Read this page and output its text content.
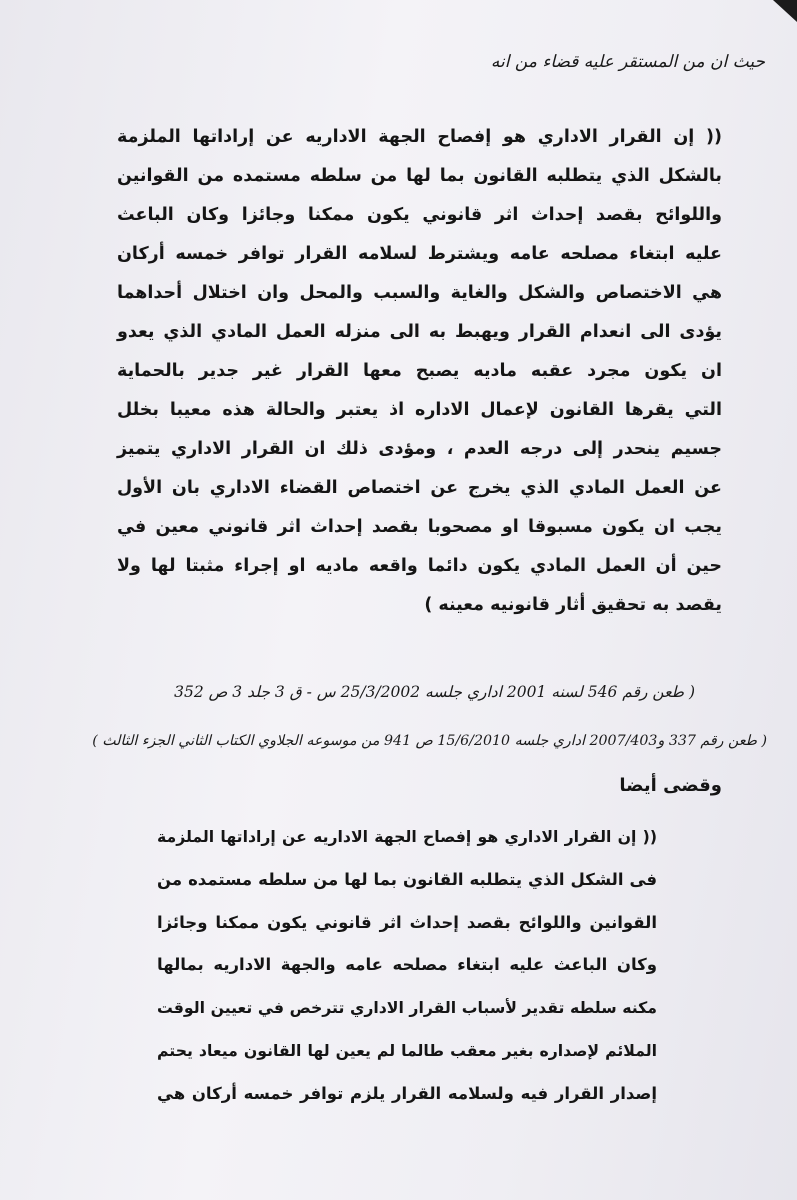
حيث ان من المستقر عليه قضاء من انه
(( إن القرار الاداري هو إفصاح الجهة الاداريه عن إراداتها الملزمة
بالشكل الذي يتطلبه القانون بما لها من سلطه مستمده من القوانين
واللوائح بقصد إحداث اثر قانوني يكون ممكنا وجائزا وكان الباعث
عليه ابتغاء مصلحه عامه ويشترط لسلامه القرار توافر خمسه أركان
هي الاختصاص والشكل والغاية والسبب والمحل وان اختلال أحداهما
يؤدى الى انعدام القرار ويهبط به الى منزله العمل المادي الذي يعدو
ان يكون مجرد عقبه ماديه يصبح معها القرار غير جدير بالحماية
التي يقرها القانون لإعمال الاداره اذ يعتبر والحالة هذه معيبا بخلل
جسيم ينحدر إلى درجه العدم ، ومؤدى ذلك ان القرار الاداري يتميز
عن العمل المادي الذي يخرج عن اختصاص القضاء الاداري بان الأول
يجب ان يكون مسبوقا او مصحوبا بقصد إحداث اثر قانوني معين في
حين أن العمل المادي يكون دائما واقعه ماديه او إجراء مثبتا لها ولا
يقصد به تحقيق أثار قانونيه معينه )
( طعن رقم 546 لسنه 2001 اداري جلسه 25/3/2002 س - ق 3 جلد 3 ص 352
( طعن رقم 337 و2007/403 اداري جلسه 15/6/2010 ص 941 من موسوعه الجلاوي الكتاب الثاني الجزء الثالث )
وقضى أيضا
(( إن القرار الاداري هو إفصاح الجهة الاداريه عن إراداتها الملزمة
فى الشكل الذي يتطلبه القانون بما لها من سلطه مستمده من
القوانين واللوائح بقصد إحداث اثر قانوني يكون ممكنا وجائزا
وكان الباعث عليه ابتغاء مصلحه عامه والجهة الاداريه بمالها
مكنه سلطه تقدير لأسباب القرار الاداري تترخص في تعيين الوقت
الملائم لإصداره بغير معقب طالما لم يعين لها القانون ميعاد يحتم
إصدار القرار فيه ولسلامه القرار يلزم توافر خمسه أركان هي
